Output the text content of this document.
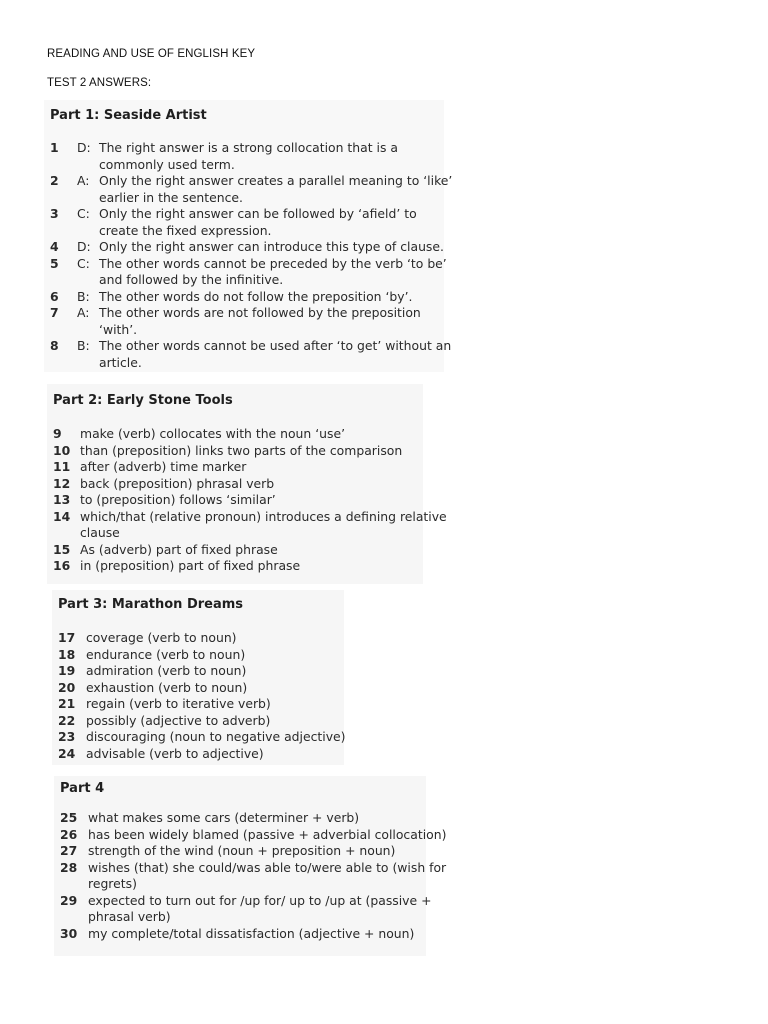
READING AND USE OF ENGLISH KEY
TEST 2 ANSWERS:
Part 1: Seaside Artist
1 D: The right answer is a strong collocation that is a
commonly used term.
2 A: Only the right answer creates a parallel meaning to ‘like’
earlier in the sentence.
3 C: Only the right answer can be followed by ‘afield’ to
create the fixed expression.
4 D: Only the right answer can introduce this type of clause.
5 C: The other words cannot be preceded by the verb ‘to be’
and followed by the infinitive.
6 B: The other words do not follow the preposition ‘by’.
7 A: The other words are not followed by the preposition
‘with’.
8 B: The other words cannot be used after ‘to get’ without an
article.
Part 2: Early Stone Tools
9 make (verb) collocates with the noun ‘use’
10 than (preposition) links two parts of the comparison
11 after (adverb) time marker
12 back (preposition) phrasal verb
13 to (preposition) follows ‘similar’
14 which/that (relative pronoun) introduces a defining relative
clause
15 As (adverb) part of fixed phrase
16 in (preposition) part of fixed phrase
Part 3: Marathon Dreams
17 coverage (verb to noun)
18 endurance (verb to noun)
19 admiration (verb to noun)
20 exhaustion (verb to noun)
21 regain (verb to iterative verb)
22 possibly (adjective to adverb)
23 discouraging (noun to negative adjective)
24 advisable (verb to adjective)
Part 4
25 what makes some cars (determiner + verb)
26 has been widely blamed (passive + adverbial collocation)
27 strength of the wind (noun + preposition + noun)
28 wishes (that) she could/was able to/were able to (wish for
regrets)
29 expected to turn out for /up for/ up to /up at (passive +
phrasal verb)
30 my complete/total dissatisfaction (adjective + noun)
